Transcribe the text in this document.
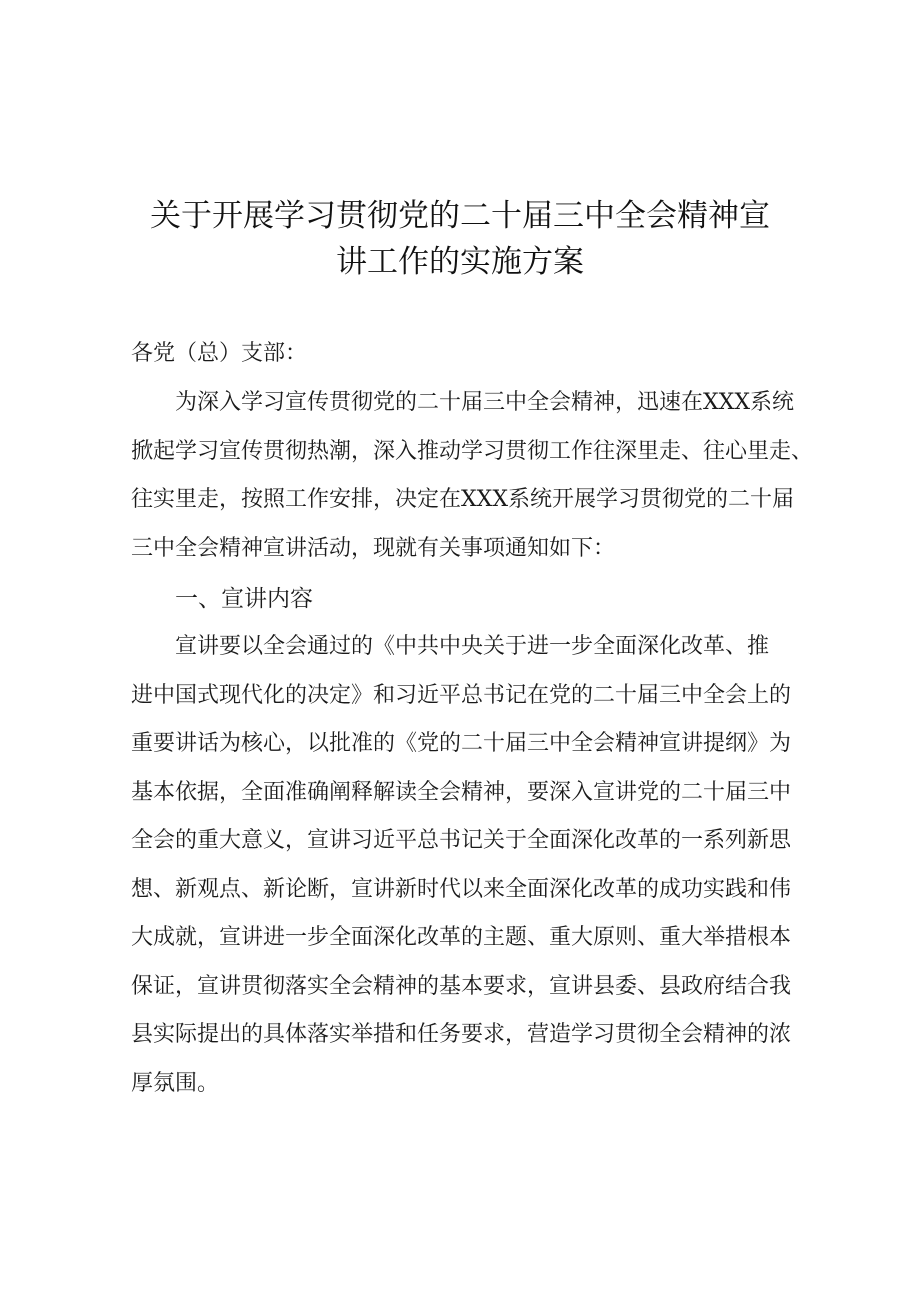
关于开展学习贯彻党的二十届三中全会精神宣
讲工作的实施方案

各党（总）支部：

为深入学习宣传贯彻党的二十届三中全会精神，迅速在XXX系统
掀起学习宣传贯彻热潮，深入推动学习贯彻工作往深里走、往心里走、
往实里走，按照工作安排，决定在XXX系统开展学习贯彻党的二十届
三中全会精神宣讲活动，现就有关事项通知如下：
一、宣讲内容
宣讲要以全会通过的《中共中央关于进一步全面深化改革、推
进中国式现代化的决定》和习近平总书记在党的二十届三中全会上的
重要讲话为核心，以批准的《党的二十届三中全会精神宣讲提纲》为
基本依据，全面准确阐释解读全会精神，要深入宣讲党的二十届三中
全会的重大意义，宣讲习近平总书记关于全面深化改革的一系列新思
想、新观点、新论断，宣讲新时代以来全面深化改革的成功实践和伟
大成就，宣讲进一步全面深化改革的主题、重大原则、重大举措根本
保证，宣讲贯彻落实全会精神的基本要求，宣讲县委、县政府结合我
县实际提出的具体落实举措和任务要求，营造学习贯彻全会精神的浓
厚氛围。
